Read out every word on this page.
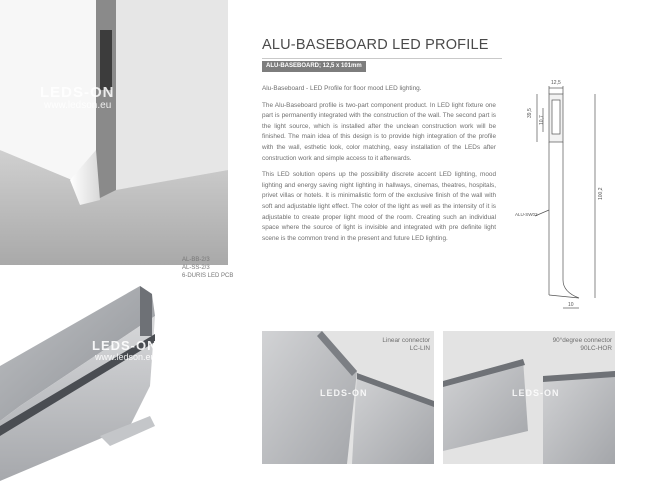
LEDS-ON
www.ledson.eu
AL-BB-2/3
AL-SS-2/3
6-DURIS LED PCB
LEDS-ON
www.ledson.eu
ALU-BASEBOARD LED PROFILE
ALU-BASEBOARD; 12,5 x 101mm

Alu-Baseboard - LED Profile for floor mood LED lighting.

The Alu-Baseboard profile is two-part component product. In LED light fixture one part is permanently integrated with the construction of the wall. The second part is the light source, which is installed after the unclean construction work will be finished. The main idea of this design is to provide high integration of the profile with the wall, esthetic look, color matching, easy installation of the LEDs after construction work and simple access to it afterwards.

This LED solution opens up the possibility discrete accent LED lighting, mood lighting and energy saving night lighting in hallways, cinemas, theatres, hospitals, privet villas or hotels. It is minimalistic form of the exclusive finish of the wall with soft and adjustable light effect. The color of the light as well as the intensity of it is adjustable to create proper light mood of the room. Creating such an individual space where the source of light is invisible and integrated with pre definite light scene is the common trend in the present and future LED lighting.

12,5
39,5
10,7
100,2
10
ALU-SW02
LEDS-ON
Linear connector
LC-LIN
LEDS-ON
90°degree connector
90LC-HOR
